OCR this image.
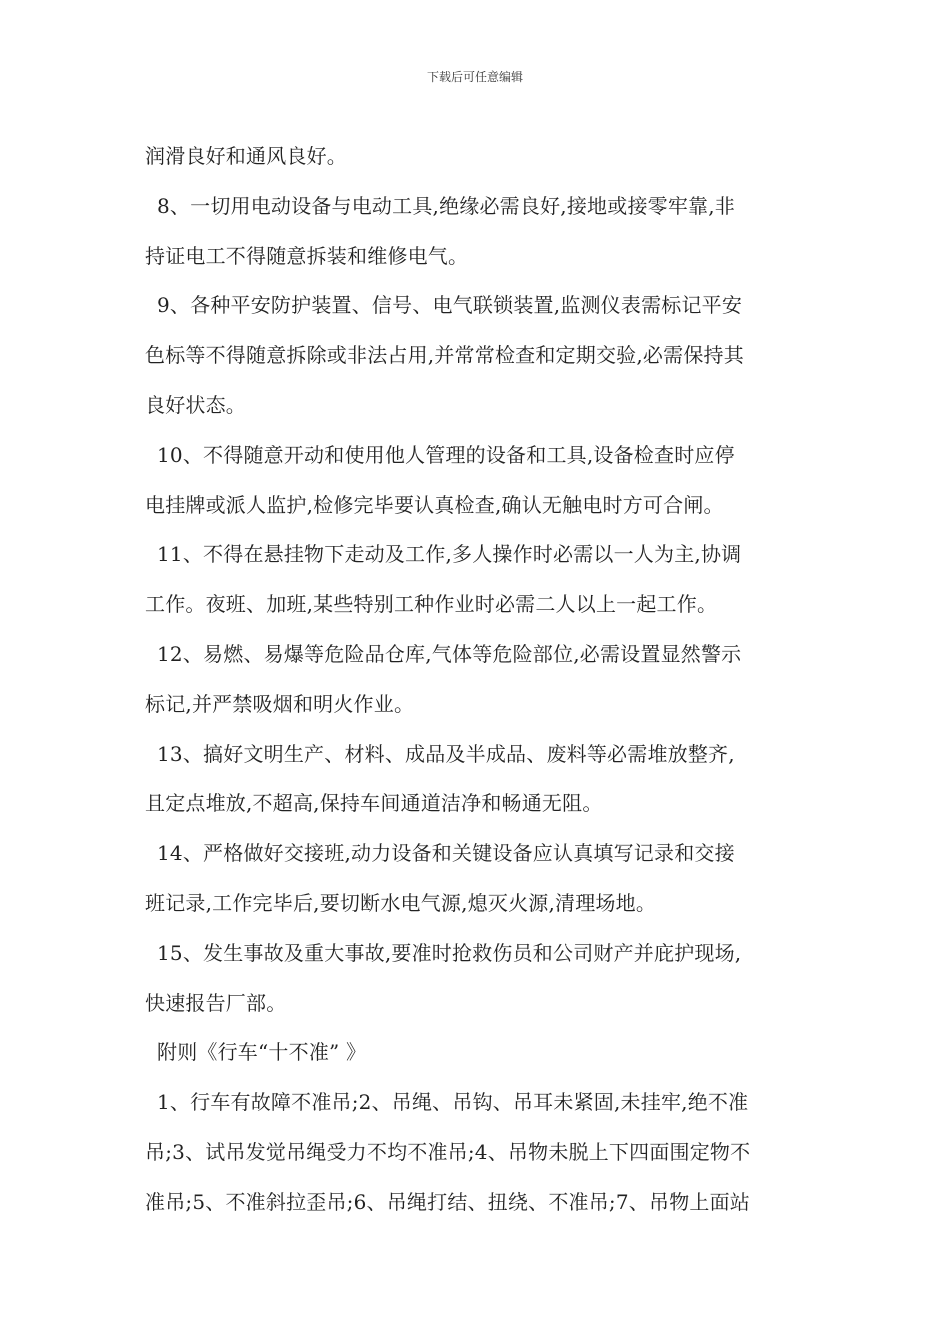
下载后可任意编辑
润滑良好和通风良好。
8、一切用电动设备与电动工具,绝缘必需良好,接地或接零牢靠,非
持证电工不得随意拆装和维修电气。
9、各种平安防护装置、信号、电气联锁装置,监测仪表需标记平安
色标等不得随意拆除或非法占用,并常常检查和定期交验,必需保持其
良好状态。
10、不得随意开动和使用他人管理的设备和工具,设备检查时应停
电挂牌或派人监护,检修完毕要认真检查,确认无触电时方可合闸。
11、不得在悬挂物下走动及工作,多人操作时必需以一人为主,协调
工作。夜班、加班,某些特别工种作业时必需二人以上一起工作。
12、易燃、易爆等危险品仓库,气体等危险部位,必需设置显然警示
标记,并严禁吸烟和明火作业。
13、搞好文明生产、材料、成品及半成品、废料等必需堆放整齐,
且定点堆放,不超高,保持车间通道洁净和畅通无阻。
14、严格做好交接班,动力设备和关键设备应认真填写记录和交接
班记录,工作完毕后,要切断水电气源,熄灭火源,清理场地。
15、发生事故及重大事故,要准时抢救伤员和公司财产并庇护现场,
快速报告厂部。
附则《行车“十不准” 》
1、行车有故障不准吊;2、吊绳、吊钩、吊耳未紧固,未挂牢,绝不准
吊;3、试吊发觉吊绳受力不均不准吊;4、吊物未脱上下四面围定物不
准吊;5、不准斜拉歪吊;6、吊绳打结、扭绕、不准吊;7、吊物上面站
